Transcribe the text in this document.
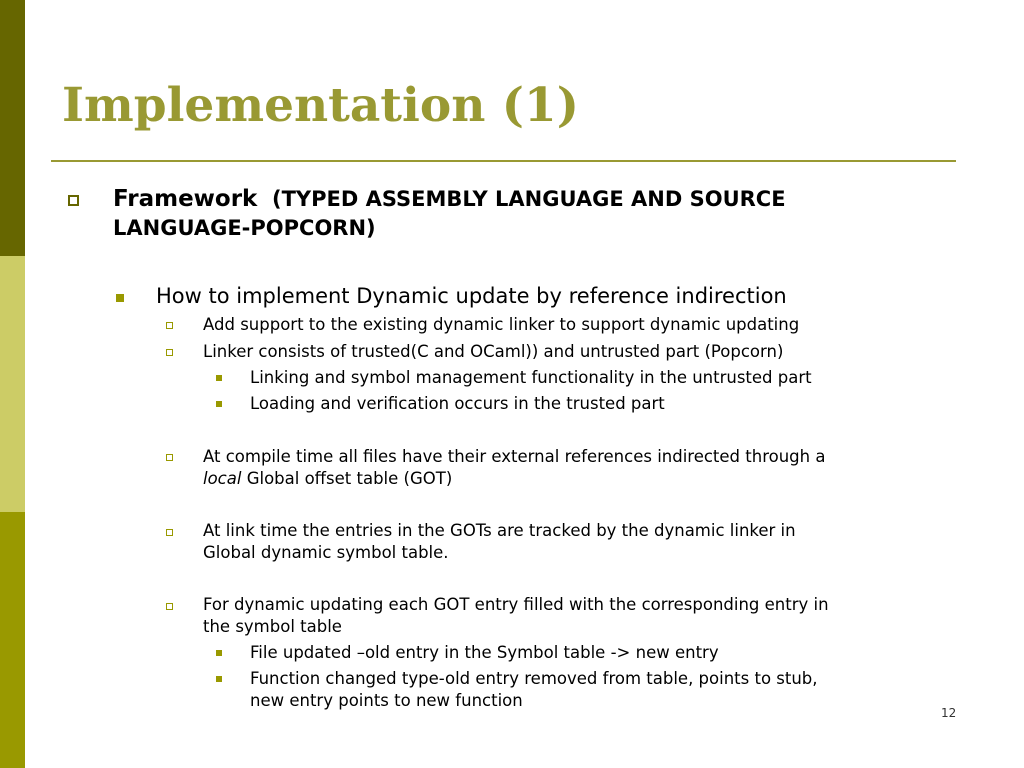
Implementation (1)
Framework (TYPED ASSEMBLY LANGUAGE AND SOURCE
LANGUAGE-POPCORN)
How to implement Dynamic update by reference indirection
Add support to the existing dynamic linker to support dynamic updating
Linker consists of trusted(C and OCaml)) and untrusted part (Popcorn)
Linking and symbol management functionality in the untrusted part
Loading and verification occurs in the trusted part
At compile time all files have their external references indirected through a
local Global offset table (GOT)
At link time the entries in the GOTs are tracked by the dynamic linker in
Global dynamic symbol table.
For dynamic updating each GOT entry filled with the corresponding entry in
the symbol table
File updated –old entry in the Symbol table -> new entry
Function changed type-old entry removed from table, points to stub,
new entry points to new function
12
